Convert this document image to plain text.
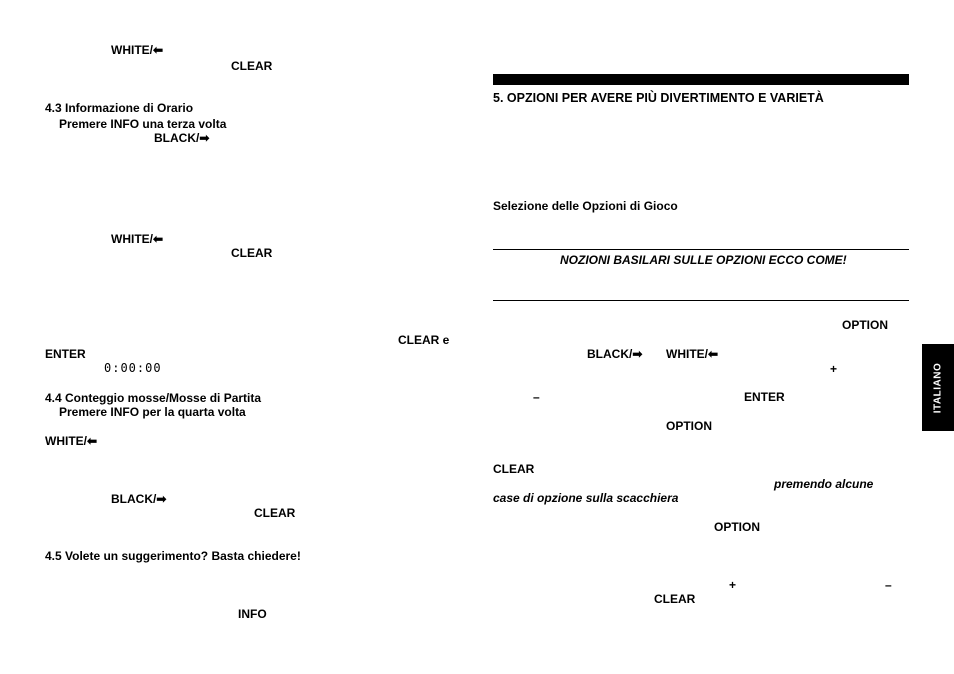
WHITE/⬅
CLEAR
4.3 Informazione di Orario
Premere INFO una terza volta
BLACK/➡
WHITE/⬅
CLEAR
CLEAR e
ENTER
0:00:00
4.4 Conteggio mosse/Mosse di Partita
Premere INFO per la quarta volta
WHITE/⬅
BLACK/➡
CLEAR
4.5 Volete un suggerimento? Basta chiedere!
INFO
5. OPZIONI PER AVERE PIÙ DIVERTIMENTO E VARIETÀ
Selezione delle Opzioni di Gioco
NOZIONI BASILARI SULLE OPZIONI ECCO COME!
OPTION
BLACK/➡ WHITE/⬅
+
–	ENTER
OPTION
CLEAR
premendo alcune
case di opzione sulla scacchiera
OPTION
+	–
CLEAR
ITALIANO
